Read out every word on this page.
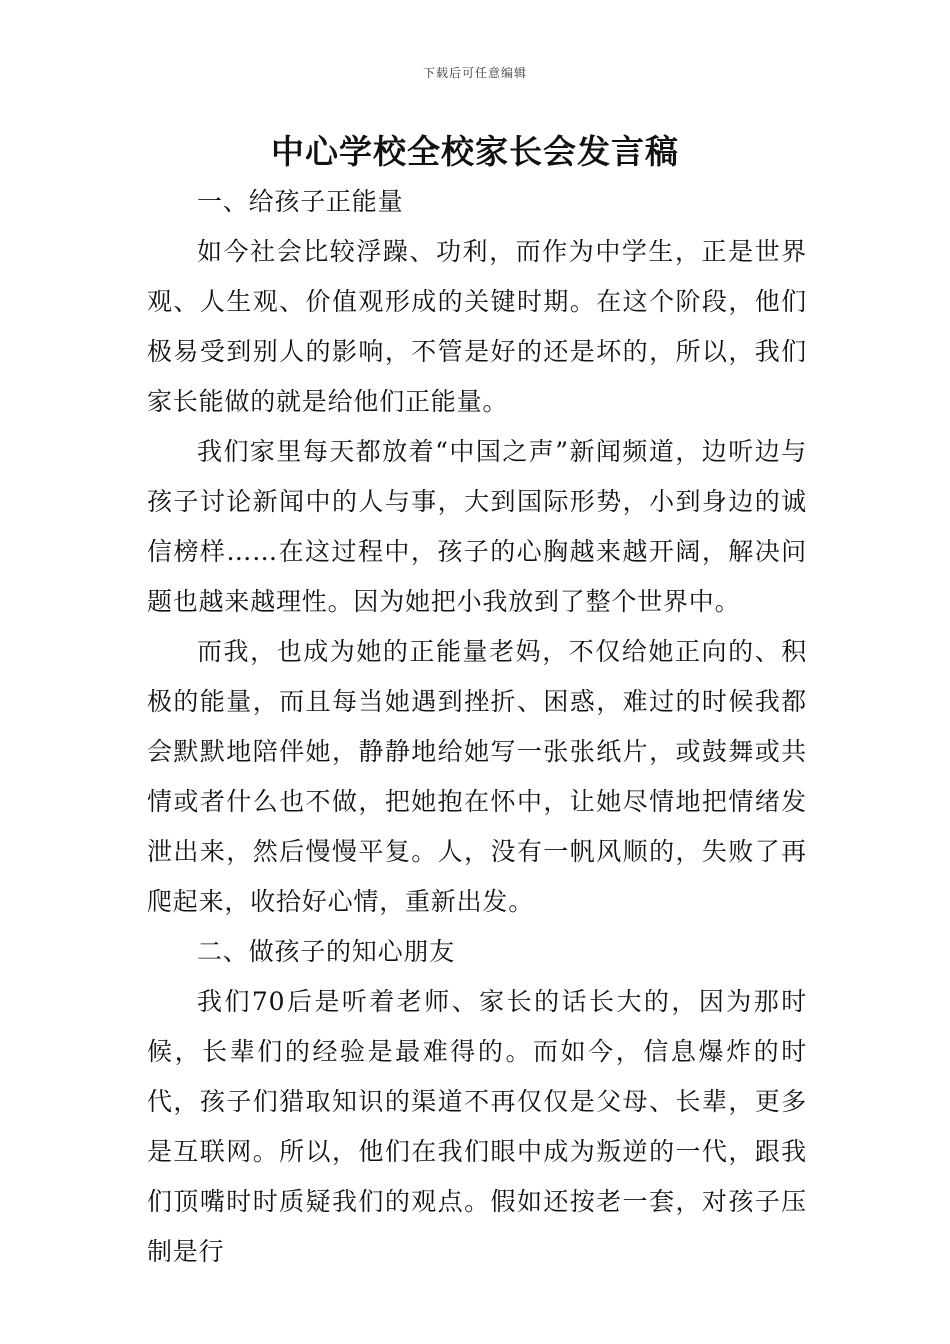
下载后可任意编辑
中心学校全校家长会发言稿

一、给孩子正能量

如今社会比较浮躁、功利，而作为中学生，正是世界观、人生观、价值观形成的关键时期。在这个阶段，他们极易受到别人的影响，不管是好的还是坏的，所以，我们家长能做的就是给他们正能量。

我们家里每天都放着“中国之声”新闻频道，边听边与孩子讨论新闻中的人与事，大到国际形势，小到身边的诚信榜样……在这过程中，孩子的心胸越来越开阔，解决问题也越来越理性。因为她把小我放到了整个世界中。

而我，也成为她的正能量老妈，不仅给她正向的、积极的能量，而且每当她遇到挫折、困惑，难过的时候我都会默默地陪伴她，静静地给她写一张张纸片，或鼓舞或共情或者什么也不做，把她抱在怀中，让她尽情地把情绪发泄出来，然后慢慢平复。人，没有一帆风顺的，失败了再爬起来，收拾好心情，重新出发。

二、做孩子的知心朋友

我们70后是听着老师、家长的话长大的，因为那时候，长辈们的经验是最难得的。而如今，信息爆炸的时代，孩子们猎取知识的渠道不再仅仅是父母、长辈，更多是互联网。所以，他们在我们眼中成为叛逆的一代，跟我们顶嘴时时质疑我们的观点。假如还按老一套，对孩子压制是行
